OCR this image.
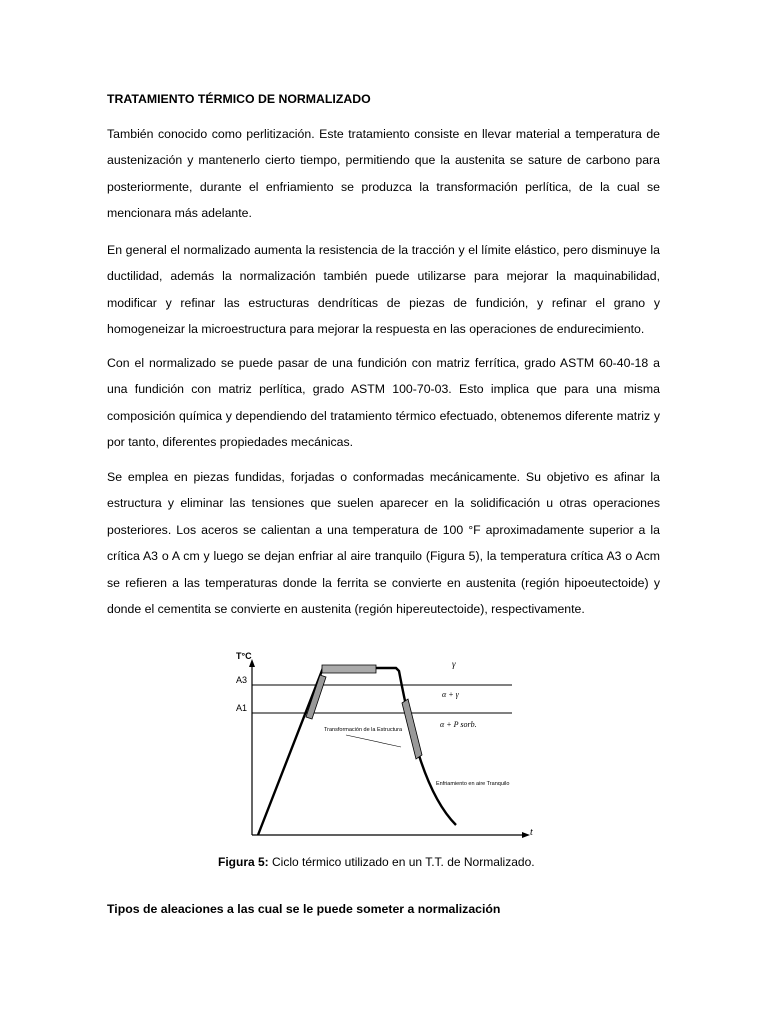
TRATAMIENTO TÉRMICO DE NORMALIZADO
También conocido como perlitización. Este tratamiento consiste en llevar material a temperatura de austenización y mantenerlo cierto tiempo, permitiendo que la austenita se sature de carbono para posteriormente, durante el enfriamiento se produzca la transformación perlítica, de la cual se mencionara más adelante.
En general el normalizado aumenta la resistencia de la tracción y el límite elástico, pero disminuye la ductilidad, además la normalización también puede utilizarse para mejorar la maquinabilidad, modificar y refinar las estructuras dendríticas de piezas de fundición, y refinar el grano y homogeneizar la microestructura para mejorar la respuesta en las operaciones de endurecimiento.
Con el normalizado se puede pasar de una fundición con matriz ferrítica, grado ASTM 60-40-18 a una fundición con matriz perlítica, grado ASTM 100-70-03. Esto implica que para una misma composición química y dependiendo del tratamiento térmico efectuado, obtenemos diferente matriz y por tanto, diferentes propiedades mecánicas.
Se emplea en piezas fundidas, forjadas o conformadas mecánicamente. Su objetivo es afinar la estructura y eliminar las tensiones que suelen aparecer en la solidificación u otras operaciones posteriores. Los aceros se calientan a una temperatura de 100 °F aproximadamente superior a la crítica A3 o A cm y luego se dejan enfriar al aire tranquilo (Figura 5), la temperatura crítica A3 o Acm se refieren a las temperaturas donde la ferrita se convierte en austenita (región hipoeutectoide) y donde el cementita se convierte en austenita (región hipereutectoide), respectivamente.
T°C
A3
A1
t
γ
α + γ
α + P sorb.
Transformación de la Estructura
Enfriamiento en aire Tranquilo
Figura 5: Ciclo térmico utilizado en un T.T. de Normalizado.
Tipos de aleaciones a las cual se le puede someter a normalización
